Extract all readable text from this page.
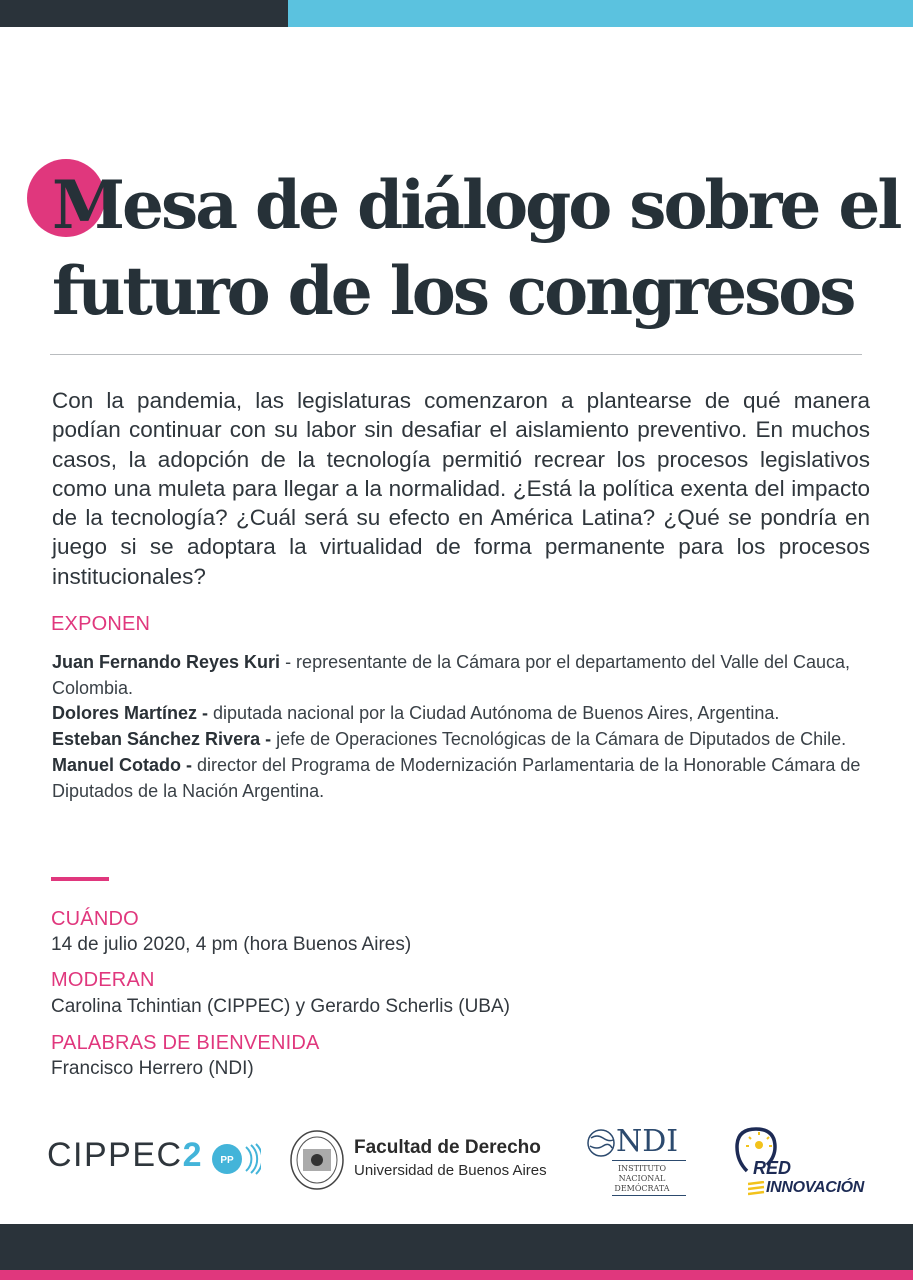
Mesa de diálogo sobre el
futuro de los congresos

Con la pandemia, las legislaturas comenzaron a plantearse de qué manera podían continuar con su labor sin desafiar el aislamiento preventivo. En muchos casos, la adopción de la tecnología permitió recrear los procesos legislativos como una muleta para llegar a la normalidad. ¿Está la política exenta del impacto de la tecnología? ¿Cuál será su efecto en América Latina? ¿Qué se pondría en juego si se adoptara la virtualidad de forma permanente para los procesos institucionales?

EXPONEN

Juan Fernando Reyes Kuri - representante de la Cámara por el departamento del Valle del Cauca, Colombia.
Dolores Martínez - diputada nacional por la Ciudad Autónoma de Buenos Aires, Argentina.
Esteban Sánchez Rivera - jefe de Operaciones Tecnológicas de la Cámara de Diputados de Chile.
Manuel Cotado - director del Programa de Modernización Parlamentaria de la Honorable Cámara de Diputados de la Nación Argentina.

CUÁNDO

14 de julio 2020, 4 pm (hora Buenos Aires)

MODERAN

Carolina Tchintian (CIPPEC) y Gerardo Scherlis (UBA)

PALABRAS DE BIENVENIDA

Francisco Herrero (NDI)

CIPPEC2 PP
Facultad de Derecho
Universidad de Buenos Aires
NDI
INSTITUTO
NACIONAL
DEMÓCRATA
RED
INNOVACIÓN
